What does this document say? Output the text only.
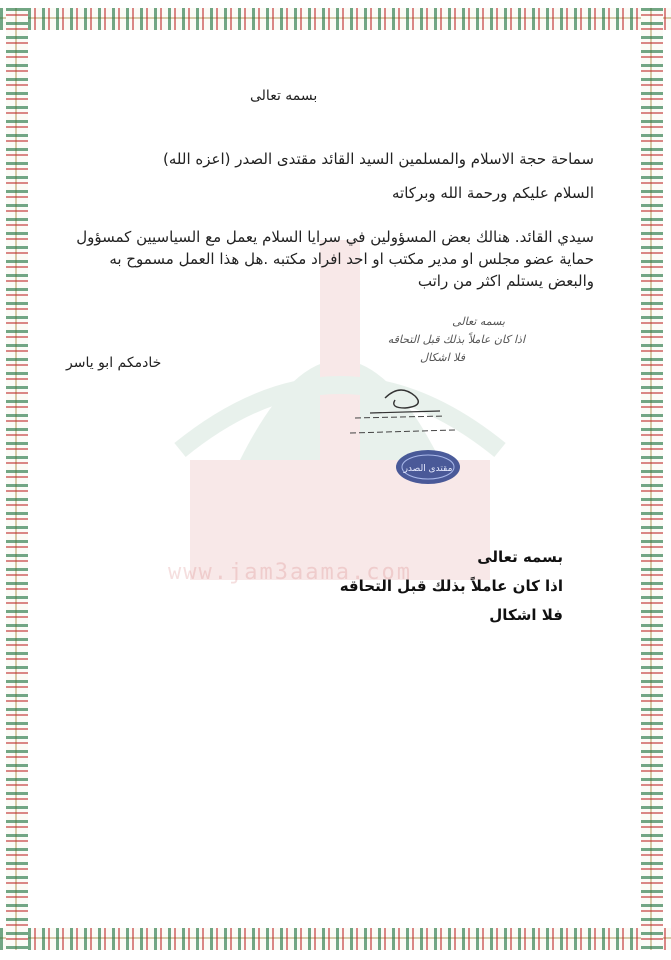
www.jam3aama.com
بسمه تعالى
سماحة حجة الاسلام والمسلمين السيد القائد مقتدى الصدر (اعزه الله)
السلام عليكم ورحمة الله وبركاته
سيدي القائد. هنالك بعض المسؤولين في سرايا السلام يعمل مع السياسيين كمسؤول حماية عضو مجلس او مدير مكتب او احد افراد مكتبه .هل هذا العمل مسموح به والبعض يستلم اكثر من راتب
خادمكم ابو ياسر
بسمه تعالى
اذا كان عاملاً بذلك قبل التحاقه
فلا اشكال
مقتدى الصدر
بسمه تعالى
اذا كان عاملاً بذلك قبل التحاقه
فلا اشكال
